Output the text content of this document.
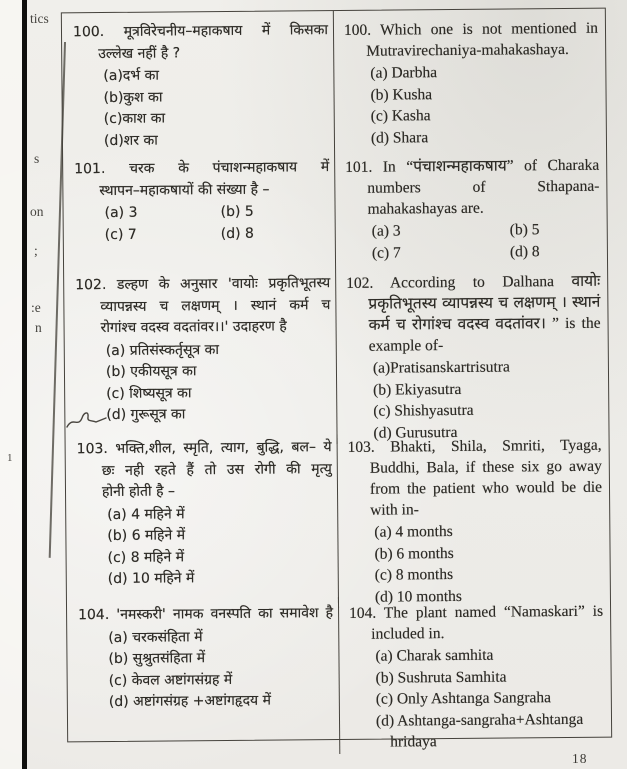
tics
s
on
;
:e
n
1
100. मूत्रविरेचनीय–महाकषाय में किसका
उल्लेख नहीं है ?
(a)दर्भ का
(b)कुश का
(c)काश का
(d)शर का
100. Which one is not mentioned in
Mutravirechaniya-mahakashaya.
(a) Darbha
(b) Kusha
(c) Kasha
(d) Shara
101. चरक के पंचाशन्महाकषाय में
स्थापन–महाकषायों की संख्या है –
(a) 3	(b) 5
(c) 7	(d) 8
101. In “पंचाशन्महाकषाय” of Charaka
numbers of Sthapana-
mahakashayas are.
(a) 3	(b) 5
(c) 7	(d) 8
102. डल्हण के अनुसार 'वायोः प्रकृतिभूतस्य
व्यापन्नस्य च लक्षणम् । स्थानं कर्म च
रोगांश्च वदस्व वदतांवर।।' उदाहरण है
(a) प्रतिसंस्कर्तृसूत्र का
(b) एकीयसूत्र का
(c) शिष्यसूत्र का
(d) गुरूसूत्र का
102. According to Dalhana वायोः
प्रकृतिभूतस्य व्यापन्नस्य च लक्षणम् । स्थानं
कर्म च रोगांश्च वदस्व वदतांवर। ” is the
example of-
(a)Pratisanskartrisutra
(b) Ekiyasutra
(c) Shishyasutra
(d) Gurusutra
103. भक्ति,शील, स्मृति, त्याग, बुद्धि, बल– ये
छः नही रहते हैं तो उस रोगी की मृत्यु
होनी होती है –
(a) 4 महिने में
(b) 6 महिने में
(c) 8 महिने में
(d) 10 महिने में
103. Bhakti, Shila, Smriti, Tyaga,
Buddhi, Bala, if these six go away
from the patient who would be die
with in-
(a) 4 months
(b) 6 months
(c) 8 months
(d) 10 months
104. 'नमस्करी' नामक वनस्पति का समावेश है
(a) चरकसंहिता में
(b) सुश्रुतसंहिता में
(c) केवल अष्टांगसंग्रह में
(d) अष्टांगसंग्रह +अष्टांगहृदय में
104. The plant named “Namaskari” is
included in.
(a) Charak samhita
(b) Sushruta Samhita
(c) Only Ashtanga Sangraha
(d) Ashtanga-sangraha+Ashtanga hridaya
18
